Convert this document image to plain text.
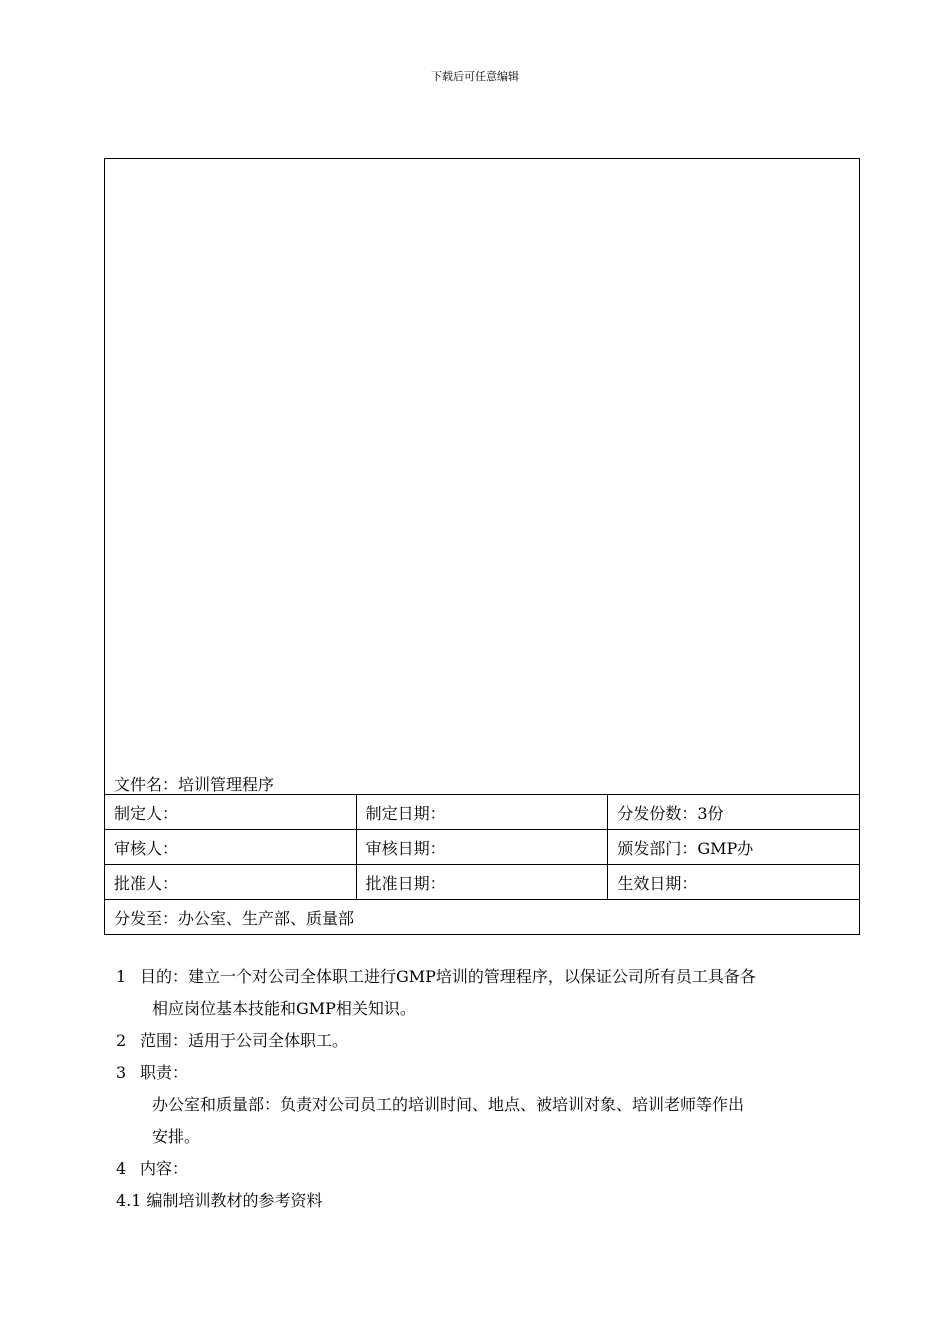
下载后可任意编辑
文件名：培训管理程序		

制定人：	制定日期：	分发份数：3份
审核人：	审核日期：	颁发部门：GMP办
批准人：	批准日期：	生效日期：
分发至：办公室、生产部、质量部		

1 目的：建立一个对公司全体职工进行GMP培训的管理程序，以保证公司所有员工具备各

相应岗位基本技能和GMP相关知识。

2 范围：适用于公司全体职工。

3 职责：

办公室和质量部：负责对公司员工的培训时间、地点、被培训对象、培训老师等作出

安排。

4 内容：

4.1 编制培训教材的参考资料
